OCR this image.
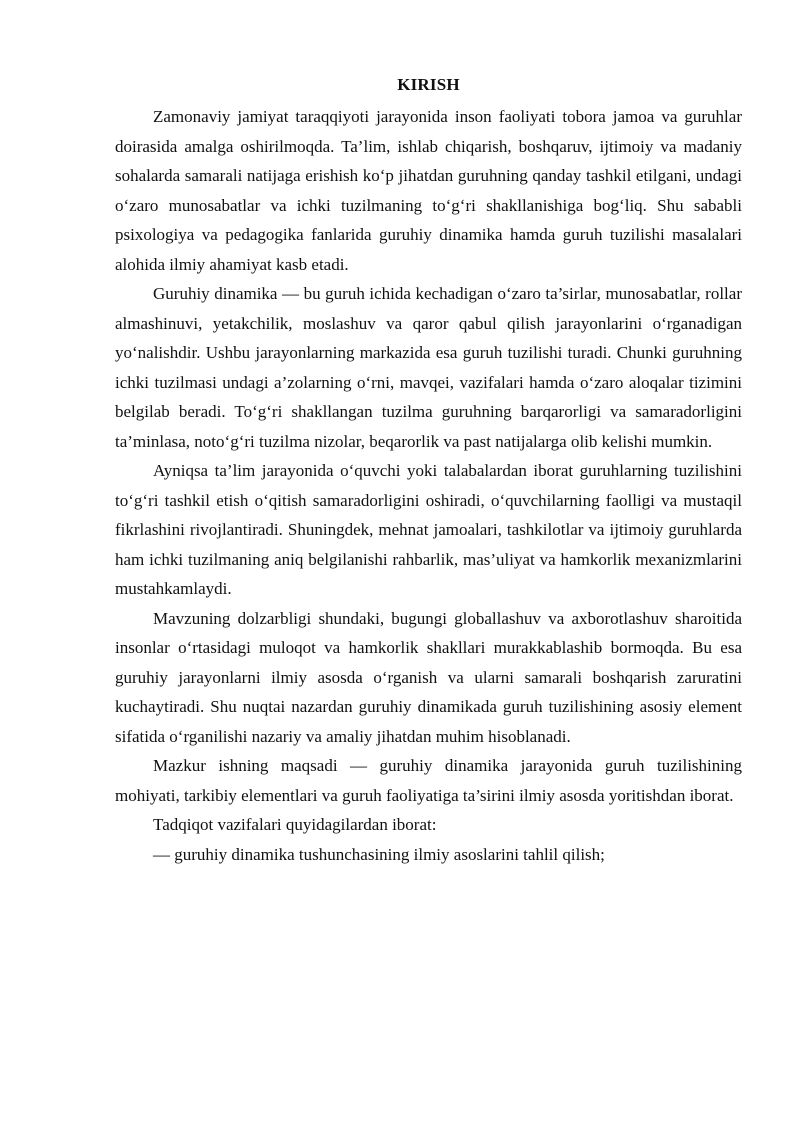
KIRISH

Zamonaviy jamiyat taraqqiyoti jarayonida inson faoliyati tobora jamoa va guruhlar doirasida amalga oshirilmoqda. Ta’lim, ishlab chiqarish, boshqaruv, ijtimoiy va madaniy sohalarda samarali natijaga erishish ko‘p jihatdan guruhning qanday tashkil etilgani, undagi o‘zaro munosabatlar va ichki tuzilmaning to‘g‘ri shakllanishiga bog‘liq. Shu sababli psixologiya va pedagogika fanlarida guruhiy dinamika hamda guruh tuzilishi masalalari alohida ilmiy ahamiyat kasb etadi.

Guruhiy dinamika — bu guruh ichida kechadigan o‘zaro ta’sirlar, munosabatlar, rollar almashinuvi, yetakchilik, moslashuv va qaror qabul qilish jarayonlarini o‘rganadigan yo‘nalishdir. Ushbu jarayonlarning markazida esa guruh tuzilishi turadi. Chunki guruhning ichki tuzilmasi undagi a’zolarning o‘rni, mavqei, vazifalari hamda o‘zaro aloqalar tizimini belgilab beradi. To‘g‘ri shakllangan tuzilma guruhning barqarorligi va samaradorligini ta’minlasa, noto‘g‘ri tuzilma nizolar, beqarorlik va past natijalarga olib kelishi mumkin.

Ayniqsa ta’lim jarayonida o‘quvchi yoki talabalardan iborat guruhlarning tuzilishini to‘g‘ri tashkil etish o‘qitish samaradorligini oshiradi, o‘quvchilarning faolligi va mustaqil fikrlashini rivojlantiradi. Shuningdek, mehnat jamoalari, tashkilotlar va ijtimoiy guruhlarda ham ichki tuzilmaning aniq belgilanishi rahbarlik, mas’uliyat va hamkorlik mexanizmlarini mustahkamlaydi.

Mavzuning dolzarbligi shundaki, bugungi globallashuv va axborotlashuv sharoitida insonlar o‘rtasidagi muloqot va hamkorlik shakllari murakkablashib bormoqda. Bu esa guruhiy jarayonlarni ilmiy asosda o‘rganish va ularni samarali boshqarish zaruratini kuchaytiradi. Shu nuqtai nazardan guruhiy dinamikada guruh tuzilishining asosiy element sifatida o‘rganilishi nazariy va amaliy jihatdan muhim hisoblanadi.

Mazkur ishning maqsadi — guruhiy dinamika jarayonida guruh tuzilishining mohiyati, tarkibiy elementlari va guruh faoliyatiga ta’sirini ilmiy asosda yoritishdan iborat.

Tadqiqot vazifalari quyidagilardan iborat:

— guruhiy dinamika tushunchasining ilmiy asoslarini tahlil qilish;
